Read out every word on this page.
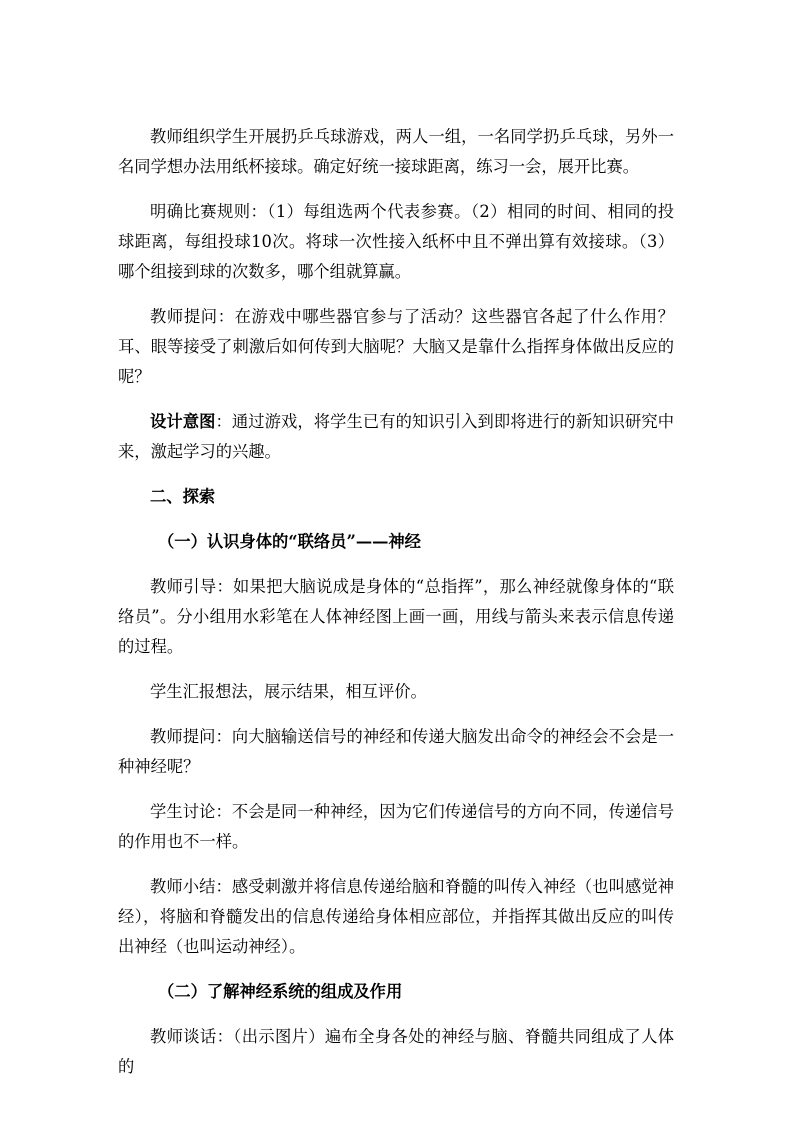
教师组织学生开展扔乒乓球游戏，两人一组，一名同学扔乒乓球，另外一名同学想办法用纸杯接球。确定好统一接球距离，练习一会，展开比赛。

明确比赛规则：（1）每组选两个代表参赛。（2）相同的时间、相同的投球距离，每组投球10次。将球一次性接入纸杯中且不弹出算有效接球。（3）哪个组接到球的次数多，哪个组就算赢。

教师提问：在游戏中哪些器官参与了活动？这些器官各起了什么作用？耳、眼等接受了刺激后如何传到大脑呢？大脑又是靠什么指挥身体做出反应的呢？

设计意图：通过游戏，将学生已有的知识引入到即将进行的新知识研究中来，激起学习的兴趣。

二、探索

（一）认识身体的“联络员”——神经

教师引导：如果把大脑说成是身体的“总指挥”，那么神经就像身体的“联络员”。分小组用水彩笔在人体神经图上画一画，用线与箭头来表示信息传递的过程。

学生汇报想法，展示结果，相互评价。

教师提问：向大脑输送信号的神经和传递大脑发出命令的神经会不会是一种神经呢？

学生讨论：不会是同一种神经，因为它们传递信号的方向不同，传递信号的作用也不一样。

教师小结：感受刺激并将信息传递给脑和脊髓的叫传入神经（也叫感觉神经），将脑和脊髓发出的信息传递给身体相应部位，并指挥其做出反应的叫传出神经（也叫运动神经）。

（二）了解神经系统的组成及作用

教师谈话：（出示图片）遍布全身各处的神经与脑、脊髓共同组成了人体的
